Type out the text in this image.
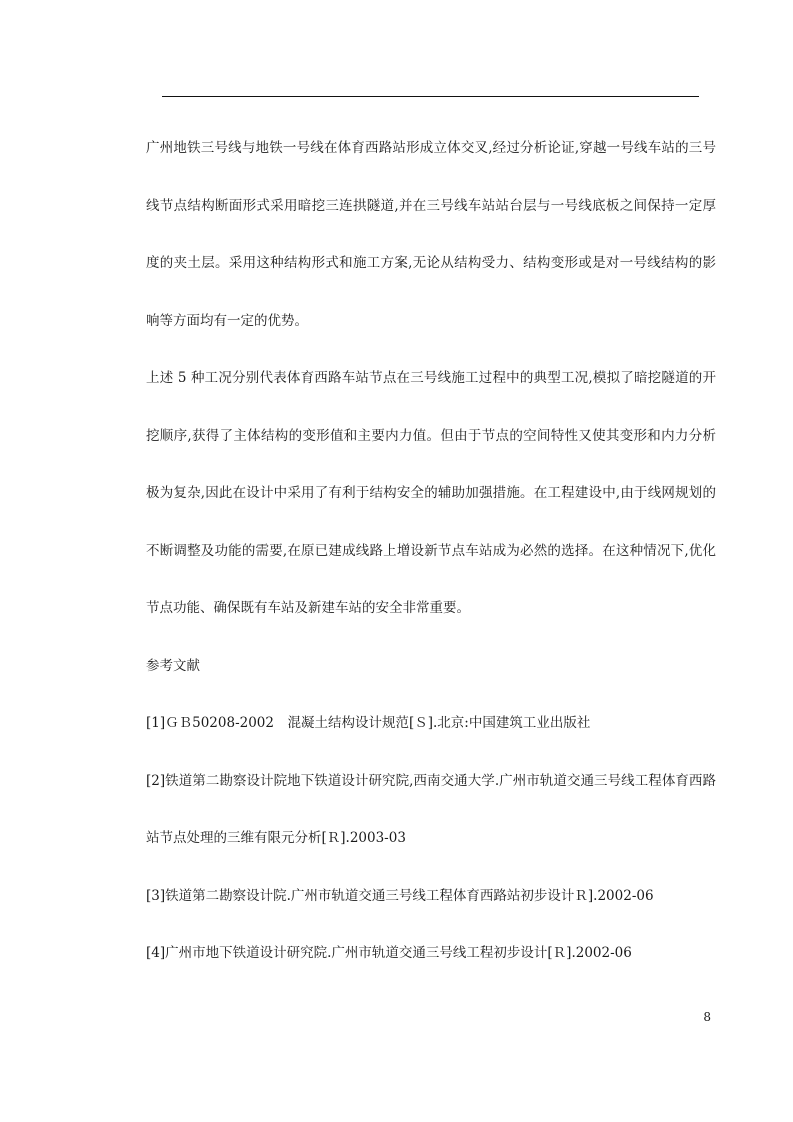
广州地铁三号线与地铁一号线在体育西路站形成立体交叉,经过分析论证,穿越一号线车站的三号线节点结构断面形式采用暗挖三连拱隧道,并在三号线车站站台层与一号线底板之间保持一定厚度的夹土层。采用这种结构形式和施工方案,无论从结构受力、结构变形或是对一号线结构的影响等方面均有一定的优势。

上述 5 种工况分别代表体育西路车站节点在三号线施工过程中的典型工况,模拟了暗挖隧道的开挖顺序,获得了主体结构的变形值和主要内力值。但由于节点的空间特性又使其变形和内力分析极为复杂,因此在设计中采用了有利于结构安全的辅助加强措施。在工程建设中,由于线网规划的不断调整及功能的需要,在原已建成线路上增设新节点车站成为必然的选择。在这种情况下,优化节点功能、确保既有车站及新建车站的安全非常重要。

参考文献

[1]ＧＢ50208-2002　混凝土结构设计规范[Ｓ].北京:中国建筑工业出版社

[2]铁道第二勘察设计院地下铁道设计研究院,西南交通大学.广州市轨道交通三号线工程体育西路站节点处理的三维有限元分析[Ｒ].2003-03

[3]铁道第二勘察设计院.广州市轨道交通三号线工程体育西路站初步设计Ｒ].2002-06

[4]广州市地下铁道设计研究院.广州市轨道交通三号线工程初步设计[Ｒ].2002-06

8
